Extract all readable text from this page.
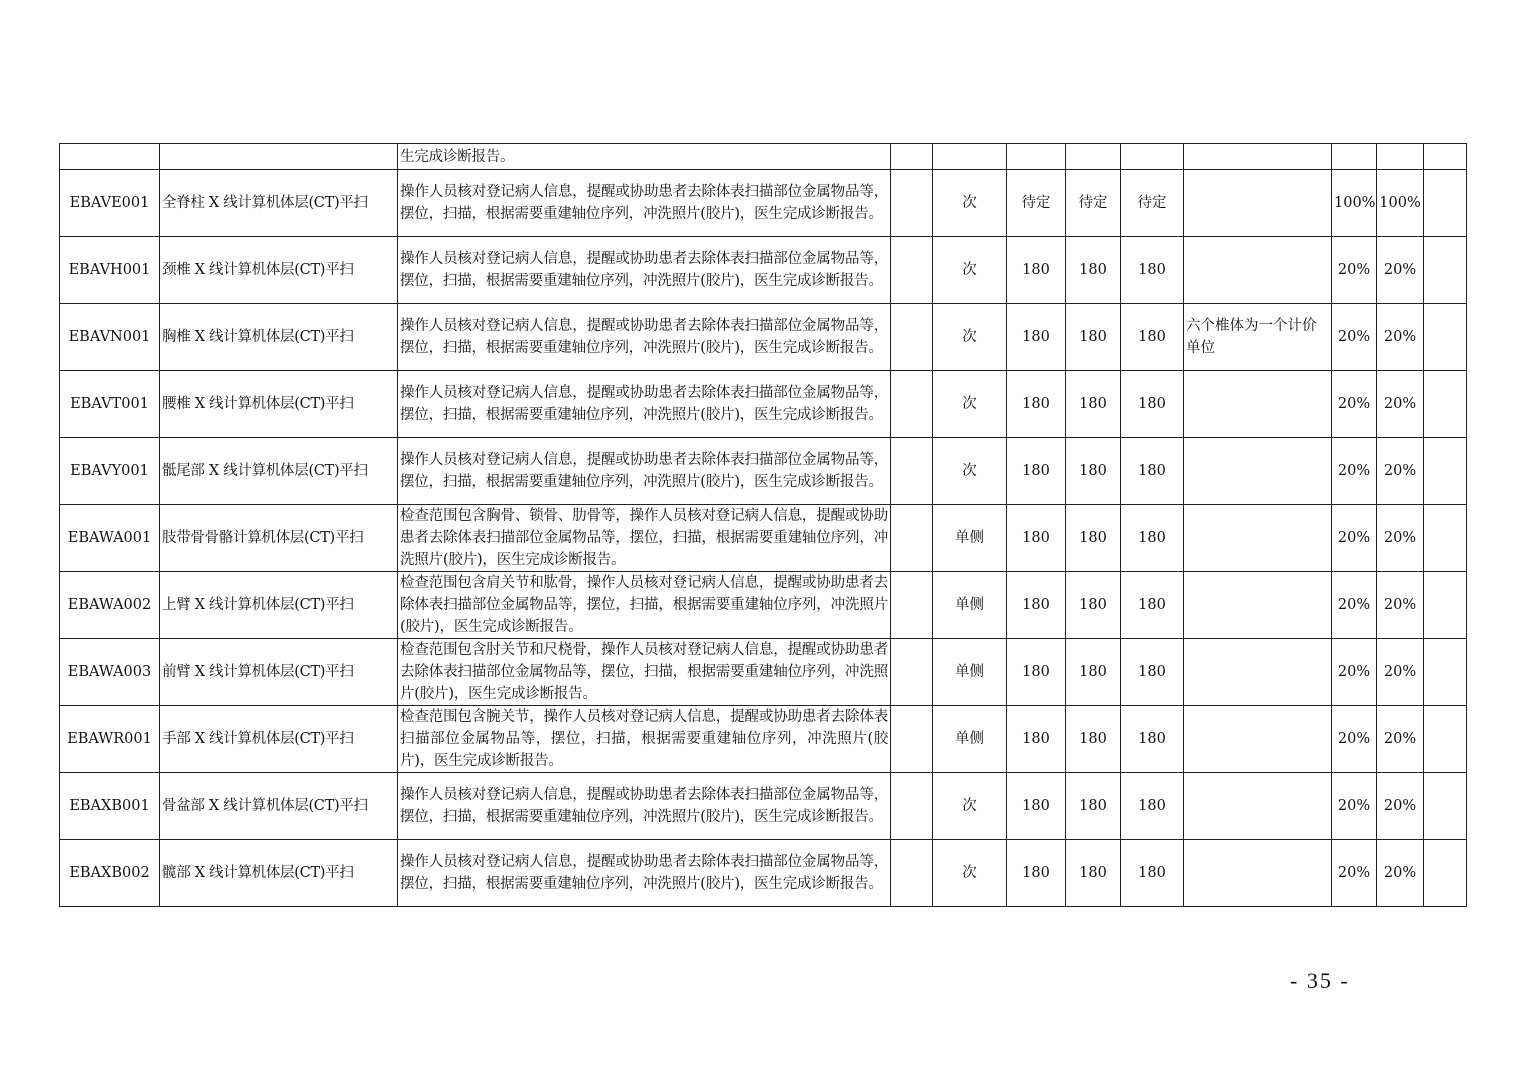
		生完成诊断报告。									
EBAVE001	全脊柱 X 线计算机体层(CT)平扫	操作人员核对登记病人信息，提醒或协助患者去除体表扫描部位金属物品等，摆位，扫描，根据需要重建轴位序列，冲洗照片(胶片)，医生完成诊断报告。		次	待定	待定	待定		100%	100%	
EBAVH001	颈椎 X 线计算机体层(CT)平扫	操作人员核对登记病人信息，提醒或协助患者去除体表扫描部位金属物品等，摆位，扫描，根据需要重建轴位序列，冲洗照片(胶片)，医生完成诊断报告。		次	180	180	180		20%	20%	
EBAVN001	胸椎 X 线计算机体层(CT)平扫	操作人员核对登记病人信息，提醒或协助患者去除体表扫描部位金属物品等，摆位，扫描，根据需要重建轴位序列，冲洗照片(胶片)，医生完成诊断报告。		次	180	180	180	六个椎体为一个计价单位	20%	20%	
EBAVT001	腰椎 X 线计算机体层(CT)平扫	操作人员核对登记病人信息，提醒或协助患者去除体表扫描部位金属物品等，摆位，扫描，根据需要重建轴位序列，冲洗照片(胶片)，医生完成诊断报告。		次	180	180	180		20%	20%	
EBAVY001	骶尾部 X 线计算机体层(CT)平扫	操作人员核对登记病人信息，提醒或协助患者去除体表扫描部位金属物品等，摆位，扫描，根据需要重建轴位序列，冲洗照片(胶片)，医生完成诊断报告。		次	180	180	180		20%	20%	
EBAWA001	肢带骨骨骼计算机体层(CT)平扫	检查范围包含胸骨、锁骨、肋骨等，操作人员核对登记病人信息，提醒或协助患者去除体表扫描部位金属物品等，摆位，扫描，根据需要重建轴位序列，冲洗照片(胶片)，医生完成诊断报告。		单侧	180	180	180		20%	20%	
EBAWA002	上臂 X 线计算机体层(CT)平扫	检查范围包含肩关节和肱骨，操作人员核对登记病人信息，提醒或协助患者去除体表扫描部位金属物品等，摆位，扫描，根据需要重建轴位序列，冲洗照片(胶片)，医生完成诊断报告。		单侧	180	180	180		20%	20%	
EBAWA003	前臂 X 线计算机体层(CT)平扫	检查范围包含肘关节和尺桡骨，操作人员核对登记病人信息，提醒或协助患者去除体表扫描部位金属物品等，摆位，扫描，根据需要重建轴位序列，冲洗照片(胶片)，医生完成诊断报告。		单侧	180	180	180		20%	20%	
EBAWR001	手部 X 线计算机体层(CT)平扫	检查范围包含腕关节，操作人员核对登记病人信息，提醒或协助患者去除体表扫描部位金属物品等，摆位，扫描，根据需要重建轴位序列，冲洗照片(胶片)，医生完成诊断报告。		单侧	180	180	180		20%	20%	
EBAXB001	骨盆部 X 线计算机体层(CT)平扫	操作人员核对登记病人信息，提醒或协助患者去除体表扫描部位金属物品等，摆位，扫描，根据需要重建轴位序列，冲洗照片(胶片)，医生完成诊断报告。		次	180	180	180		20%	20%	
EBAXB002	髋部 X 线计算机体层(CT)平扫	操作人员核对登记病人信息，提醒或协助患者去除体表扫描部位金属物品等，摆位，扫描，根据需要重建轴位序列，冲洗照片(胶片)，医生完成诊断报告。		次	180	180	180		20%	20%	
- 35 -
